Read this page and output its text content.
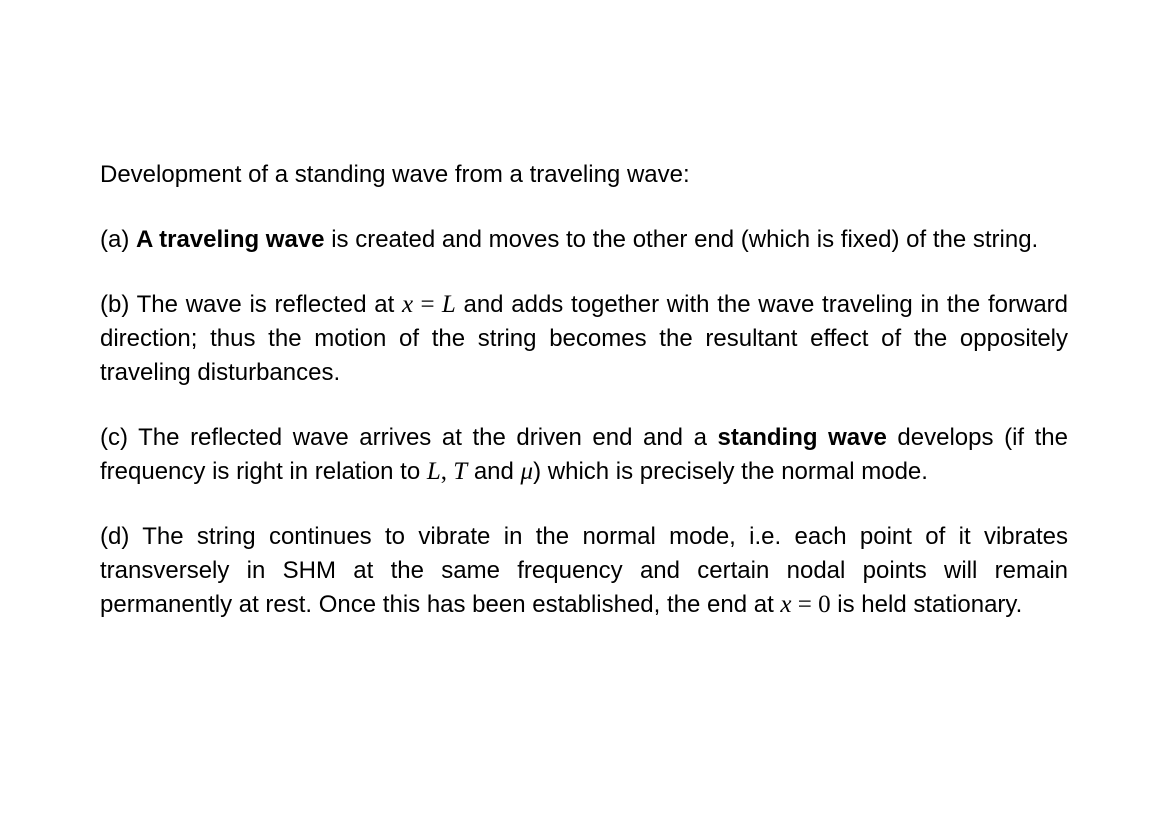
Development of a standing wave from a traveling wave:

(a) A traveling wave is created and moves to the other end (which is fixed) of the string.

(b) The wave is reflected at x = L and adds together with the wave traveling in the forward direction; thus the motion of the string becomes the resultant effect of the oppositely traveling disturbances.

(c) The reflected wave arrives at the driven end and a standing wave develops (if the frequency is right in relation to L, T and μ) which is precisely the normal mode.

(d) The string continues to vibrate in the normal mode, i.e. each point of it vibrates transversely in SHM at the same frequency and certain nodal points will remain permanently at rest. Once this has been established, the end at x = 0 is held stationary.
